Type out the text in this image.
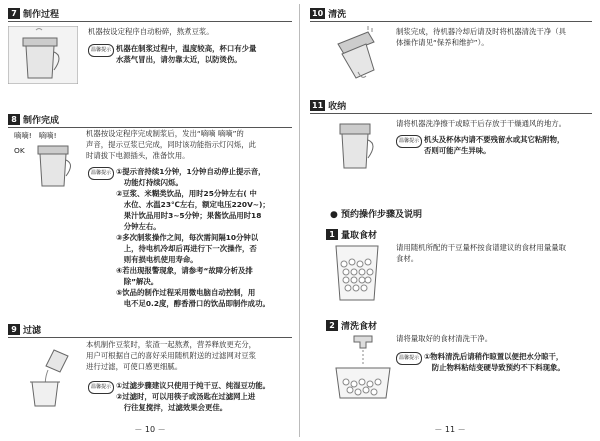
7 制作过程
机器按设定程序自动粉碎，熬煮豆浆。
温馨提示 机器在制浆过程中，温度较高，杯口有少量
水蒸气冒出，请勿靠太近，以防烫伤。
8 制作完成
嘀嘀!   嘀嘀!
OK
机器按设定程序完成制浆后，发出“嘀嘀 嘀嘀”的
声音，提示豆浆已完成，同时该功能指示灯闪烁，此
时请拔下电源插头，准备饮用。
温馨提示 ①提示音持续1分钟，1分钟自动停止提示音，
功能灯持续闪烁。
②豆浆、米糊类饮品，用时25分钟左右( 中
水位、水温23℃左右，额定电压220V~)；
果汁饮品用时3~5分钟；果酱饮品用时18
分钟左右。
③多次制浆操作之间，每次需间隔10分钟以
上，待电机冷却后再进行下一次操作，否
则有损电机使用寿命。
④若出现报警现象，请参考“故障分析及排
除”解决。
⑤饮品的制作过程采用微电脑自动控制，用
电不足0.2度，醇香滑口的饮品即制作成功。
9 过滤
本机制作豆浆时，浆渣一起熬煮，营养释放更充分，
用户可根据自己的喜好采用随机附送的过滤网对豆浆
进行过滤，可使口感更细腻。
温馨提示 ①过滤步骤建议只使用于纯干豆、纯湿豆功能。
②过滤时，可以用筷子或汤匙在过滤网上进
行往复搅拌，过滤效果会更佳。
－ 10 －
10 清洗
制浆完成，待机器冷却后请及时将机器清洗干净（具
体操作请见“保养和维护”）。
11 收纳
请将机器洗净擦干或晾干后存放于干燥通风的地方。
温馨提示 机头及杯体内请不要残留水或其它粘附物，
否则可能产生异味。
● 预约操作步骤及说明
1 量取食材
请用随机所配的干豆量杯按食谱建议的食材用量量取
食材。
2 清洗食材
请将量取好的食材清洗干净。
温馨提示 ①物料清洗后请稍作晾置以便把水分晾干，
防止物料粘结变硬导致预约不下料现象。
－ 11 －
